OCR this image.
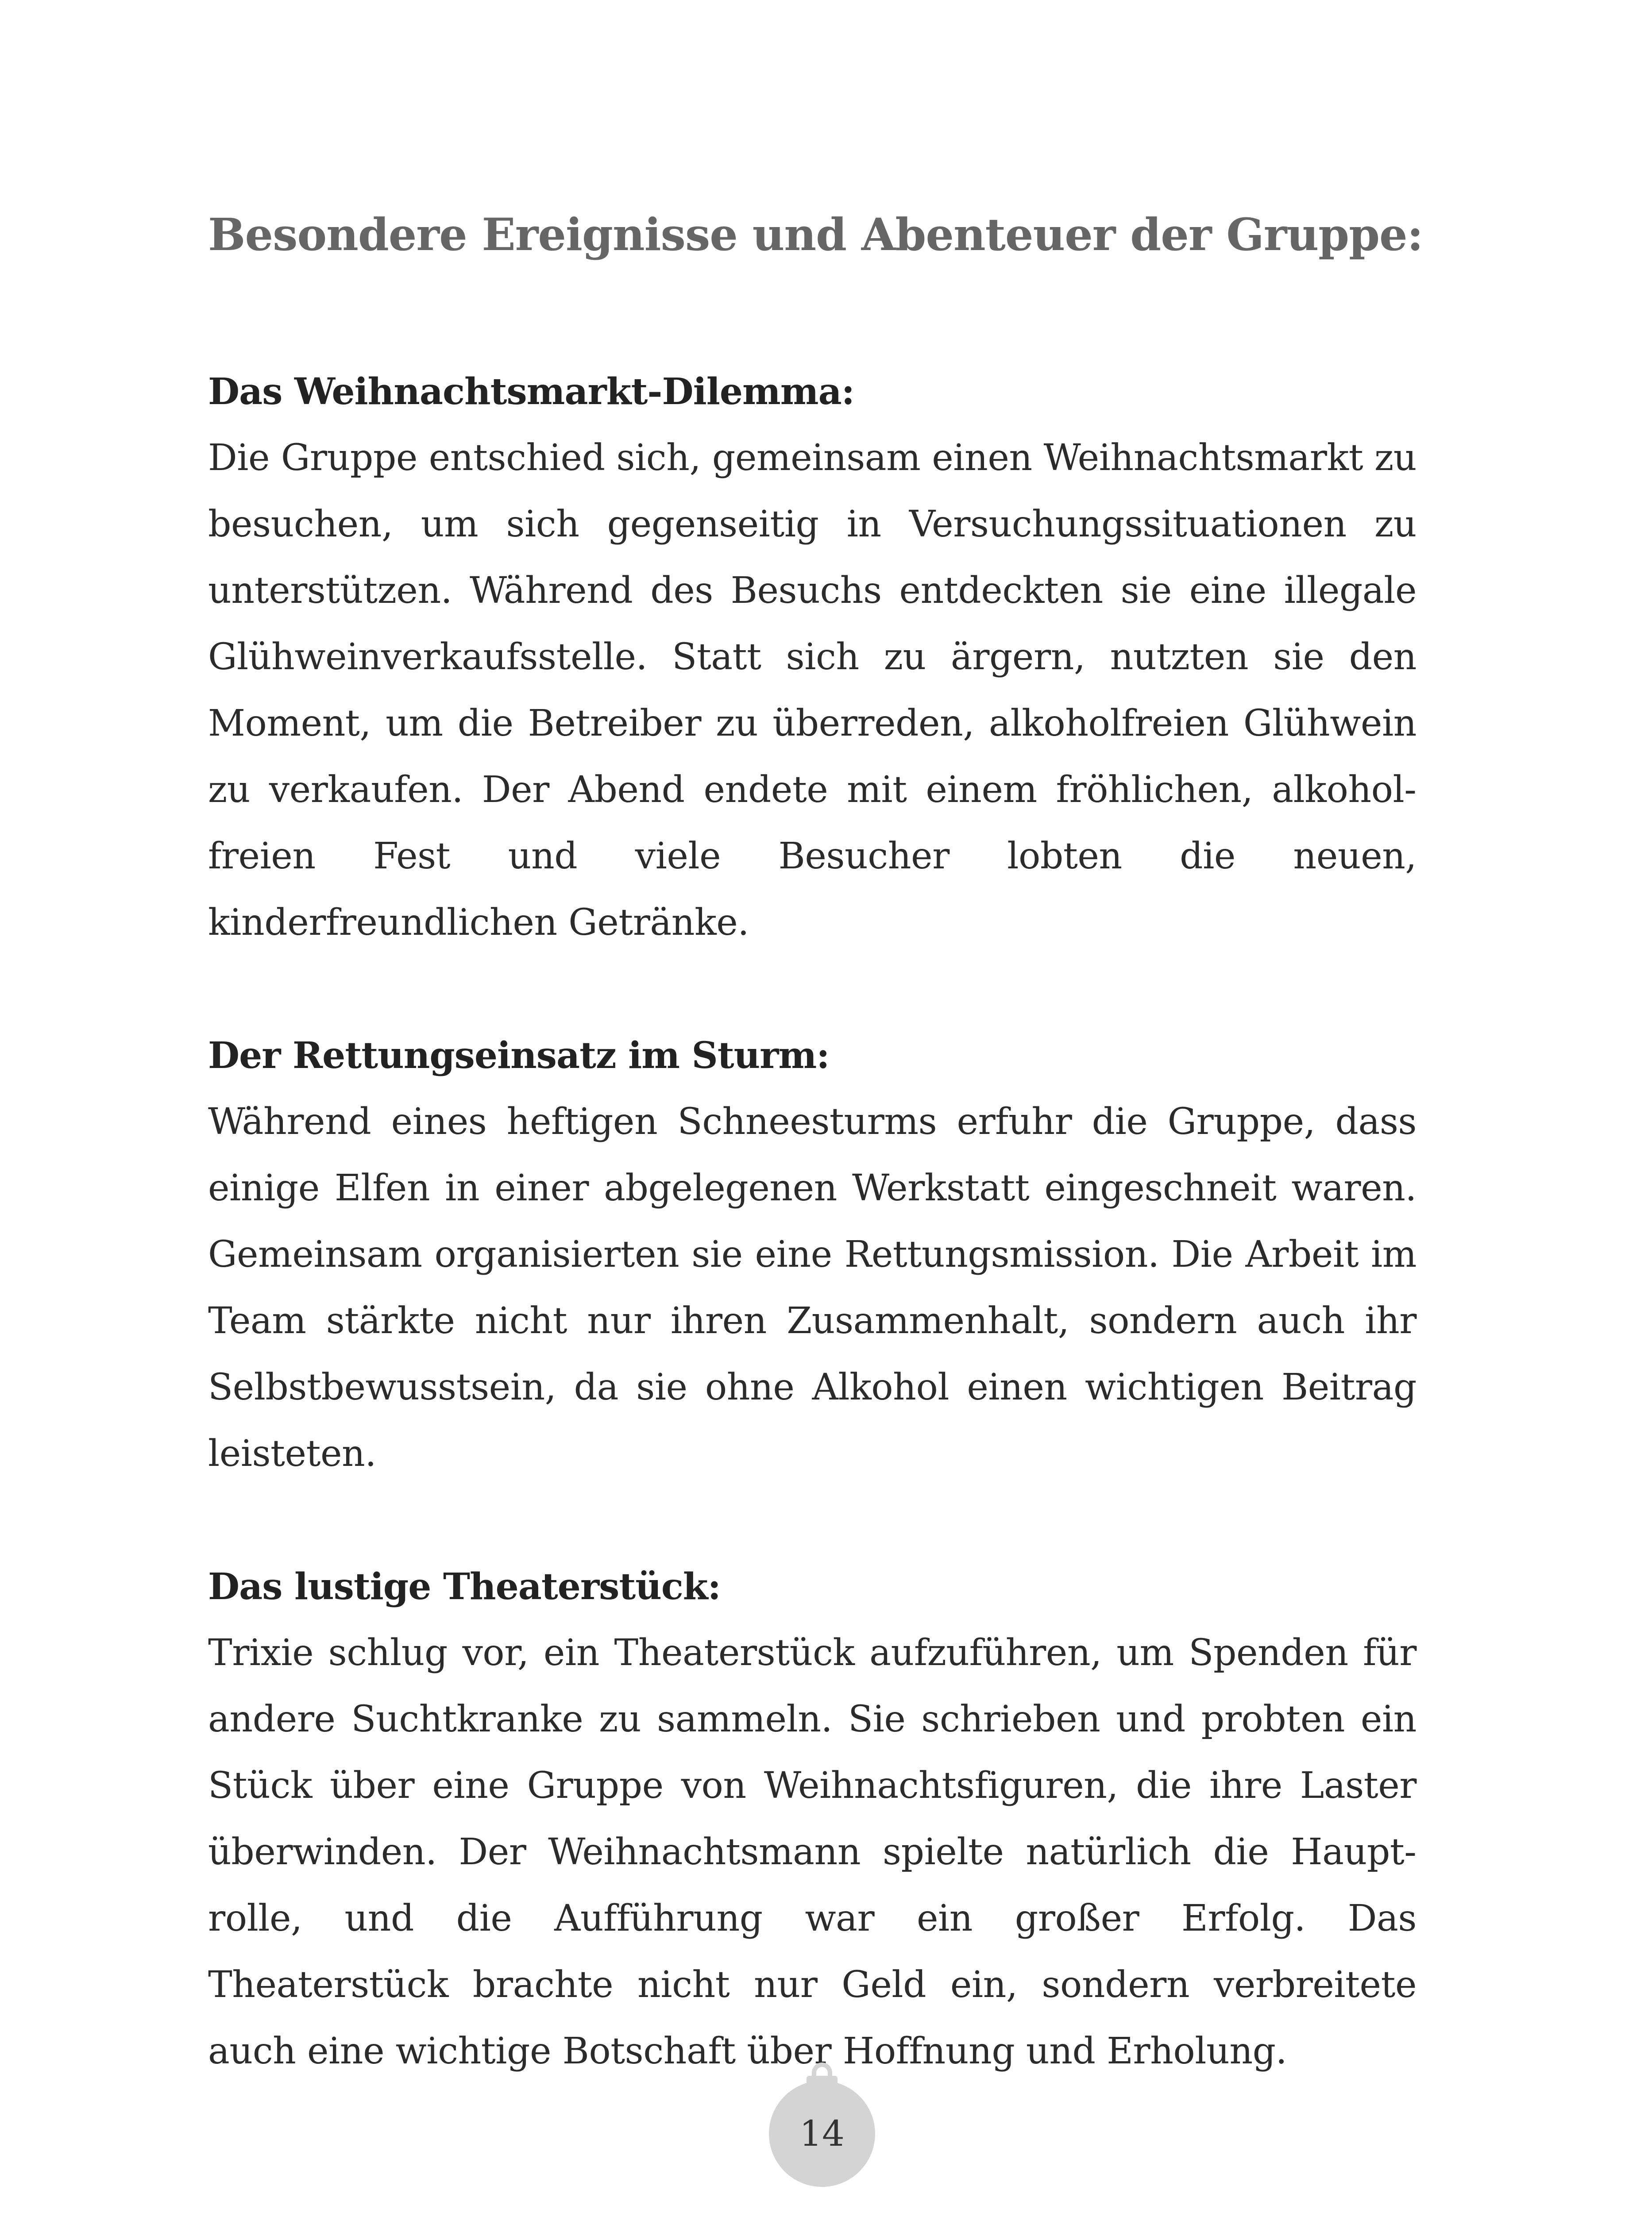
Besondere Ereignisse und Abenteuer der Gruppe:
Das Weihnachtsmarkt-Dilemma:

Die Gruppe entschied sich, gemeinsam einen Weihnachtsmarkt zu besuchen, um sich gegenseitig in Versuchungssituationen zu unterstützen. Während des Besuchs entdeckten sie eine illegale Glühweinverkaufsstelle. Statt sich zu ärgern, nutzten sie den Moment, um die Betreiber zu überreden, alkoholfreien Glühwein zu verkaufen. Der Abend endete mit einem fröhlichen, alkoholfreien Fest und viele Besucher lobten die neuen, kinderfreundlichen Getränke.

Der Rettungseinsatz im Sturm:

Während eines heftigen Schneesturms erfuhr die Gruppe, dass einige Elfen in einer abgelegenen Werkstatt eingeschneit waren. Gemeinsam organisierten sie eine Rettungsmission. Die Arbeit im Team stärkte nicht nur ihren Zusammenhalt, sondern auch ihr Selbstbewusstsein, da sie ohne Alkohol einen wichtigen Beitrag leisteten.

Das lustige Theaterstück:

Trixie schlug vor, ein Theaterstück aufzuführen, um Spenden für andere Suchtkranke zu sammeln. Sie schrieben und probten ein Stück über eine Gruppe von Weihnachtsfiguren, die ihre Laster überwinden. Der Weihnachtsmann spielte natürlich die Hauptrolle, und die Aufführung war ein großer Erfolg. Das Theaterstück brachte nicht nur Geld ein, sondern verbreitete auch eine wichtige Botschaft über Hoffnung und Erholung.

14
